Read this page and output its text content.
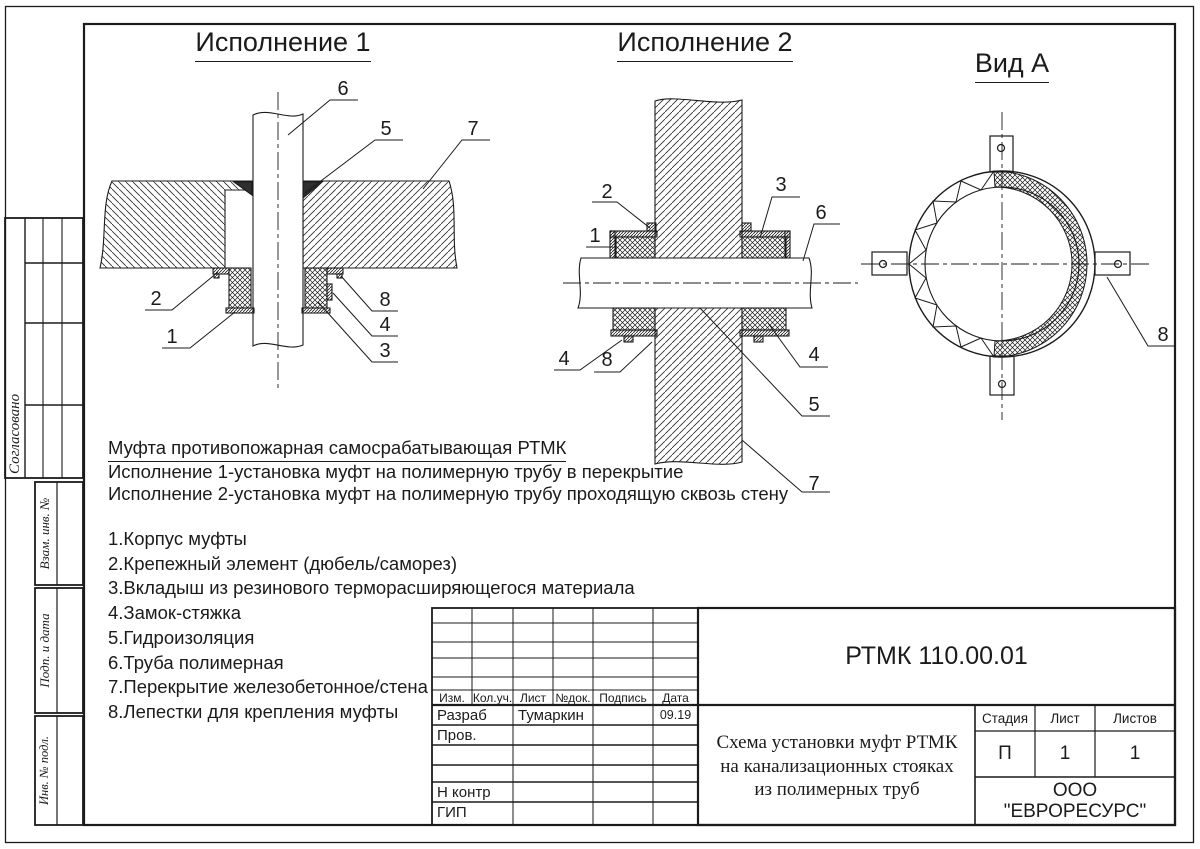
Исполнение 1	Исполнение 2
Вид А
Муфта противопожарная самосрабатывающая РТМК
Исполнение 1-установка муфт на полимерную трубу в перекрытие
Исполнение 2-установка муфт на полимерную трубу проходящую сквозь стену
1.Корпус муфты
2.Крепежный элемент (дюбель/саморез)
3.Вкладыш из резинового терморасширяющегося материала
4.Замок-стяжка
5.Гидроизоляция
6.Труба полимерная
7.Перекрытие железобетонное/стена
8.Лепестки для крепления муфты
6
5	7
2
1
8
4
3
2	3
6
1
4 8	4
5
7
8
Согласовано
Взам. инв. №
Подп. и дата
Инв. № подл.
Изм. Кол.уч. Лист №док. Подпись	Дата
Разраб Тумаркин	09.19
Пров.
Н контр
ГИП
РТМК 110.00.01
Схема установки муфт РТМК на канализационных стояках из полимерных труб
Стадия	Лист	Листов
П	1	1
ООО "ЕВРОРЕСУРС"
